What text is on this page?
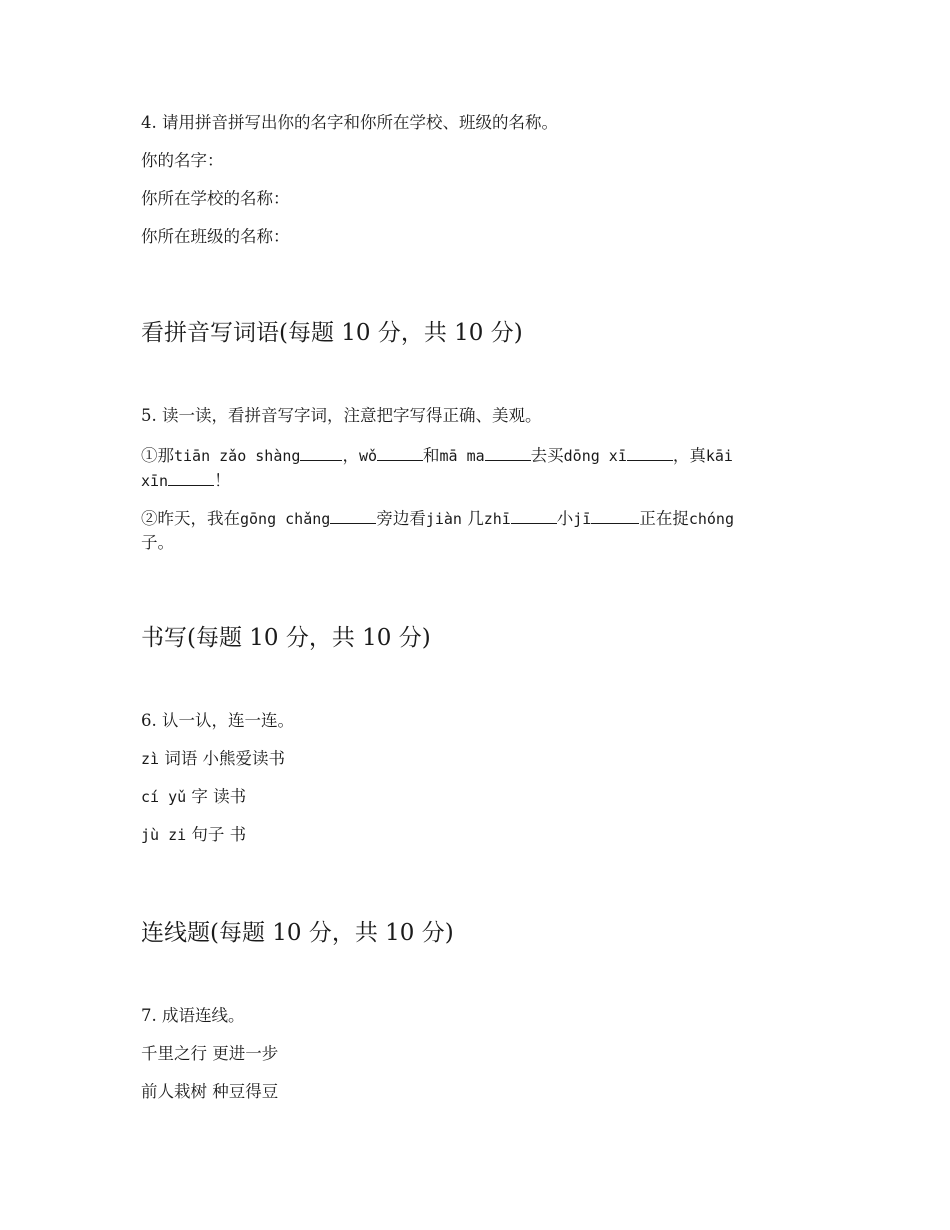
4. 请用拼音拼写出你的名字和你所在学校、班级的名称。
你的名字：
你所在学校的名称：
你所在班级的名称：
看拼音写词语(每题 10 分，共 10 分)
5. 读一读，看拼音写字词，注意把字写得正确、美观。
①那tiān zǎo shàng	，wǒ	和mā ma	去买dōng xī	，真kāi
xīn	！
②昨天，我在gōng chǎng	旁边看jiàn 几zhī	小jī	正在捉chóng
子。
书写(每题 10 分，共 10 分)
6. 认一认，连一连。
zì 词语 小熊爱读书
cí yǔ 字 读书
jù zi 句子 书
连线题(每题 10 分，共 10 分)
7. 成语连线。
千里之行 更进一步
前人栽树 种豆得豆
